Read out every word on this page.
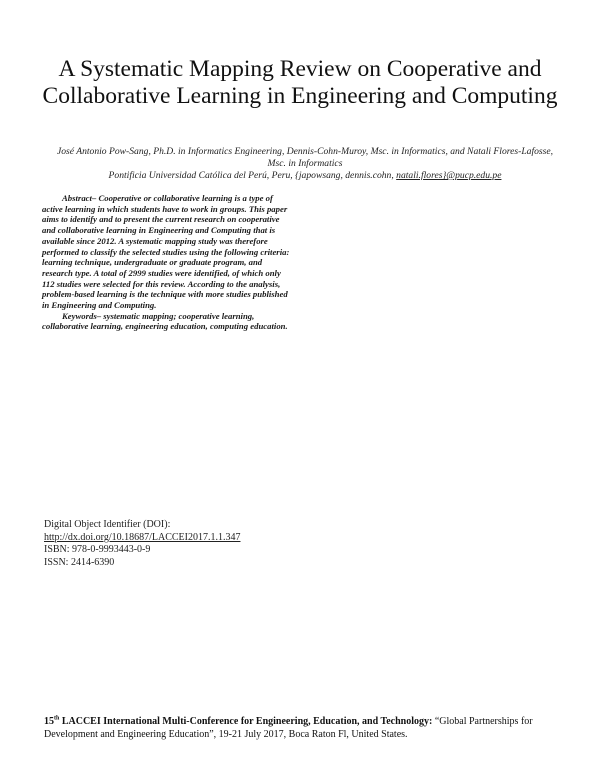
A Systematic Mapping Review on Cooperative and Collaborative Learning in Engineering and Computing
José Antonio Pow-Sang, Ph.D. in Informatics Engineering, Dennis-Cohn-Muroy, Msc. in Informatics, and Natali Flores-Lafosse,
Msc. in Informatics
Pontificia Universidad Católica del Perú, Peru, {japowsang, dennis.cohn, natali.flores}@pucp.edu.pe

Abstract– Cooperative or collaborative learning is a type of active learning in which students have to work in groups. This paper aims to identify and to present the current research on cooperative and collaborative learning in Engineering and Computing that is available since 2012. A systematic mapping study was therefore performed to classify the selected studies using the following criteria: learning technique, undergraduate or graduate program, and research type. A total of 2999 studies were identified, of which only 112 studies were selected for this review. According to the analysis, problem-based learning is the technique with more studies published in Engineering and Computing.

Keywords– systematic mapping; cooperative learning, collaborative learning, engineering education, computing education.

Digital Object Identifier (DOI):
http://dx.doi.org/10.18687/LACCEI2017.1.1.347
ISBN: 978-0-9993443-0-9
ISSN: 2414-6390
15th LACCEI International Multi-Conference for Engineering, Education, and Technology: “Global Partnerships for Development and Engineering Education”, 19-21 July 2017, Boca Raton Fl, United States.
